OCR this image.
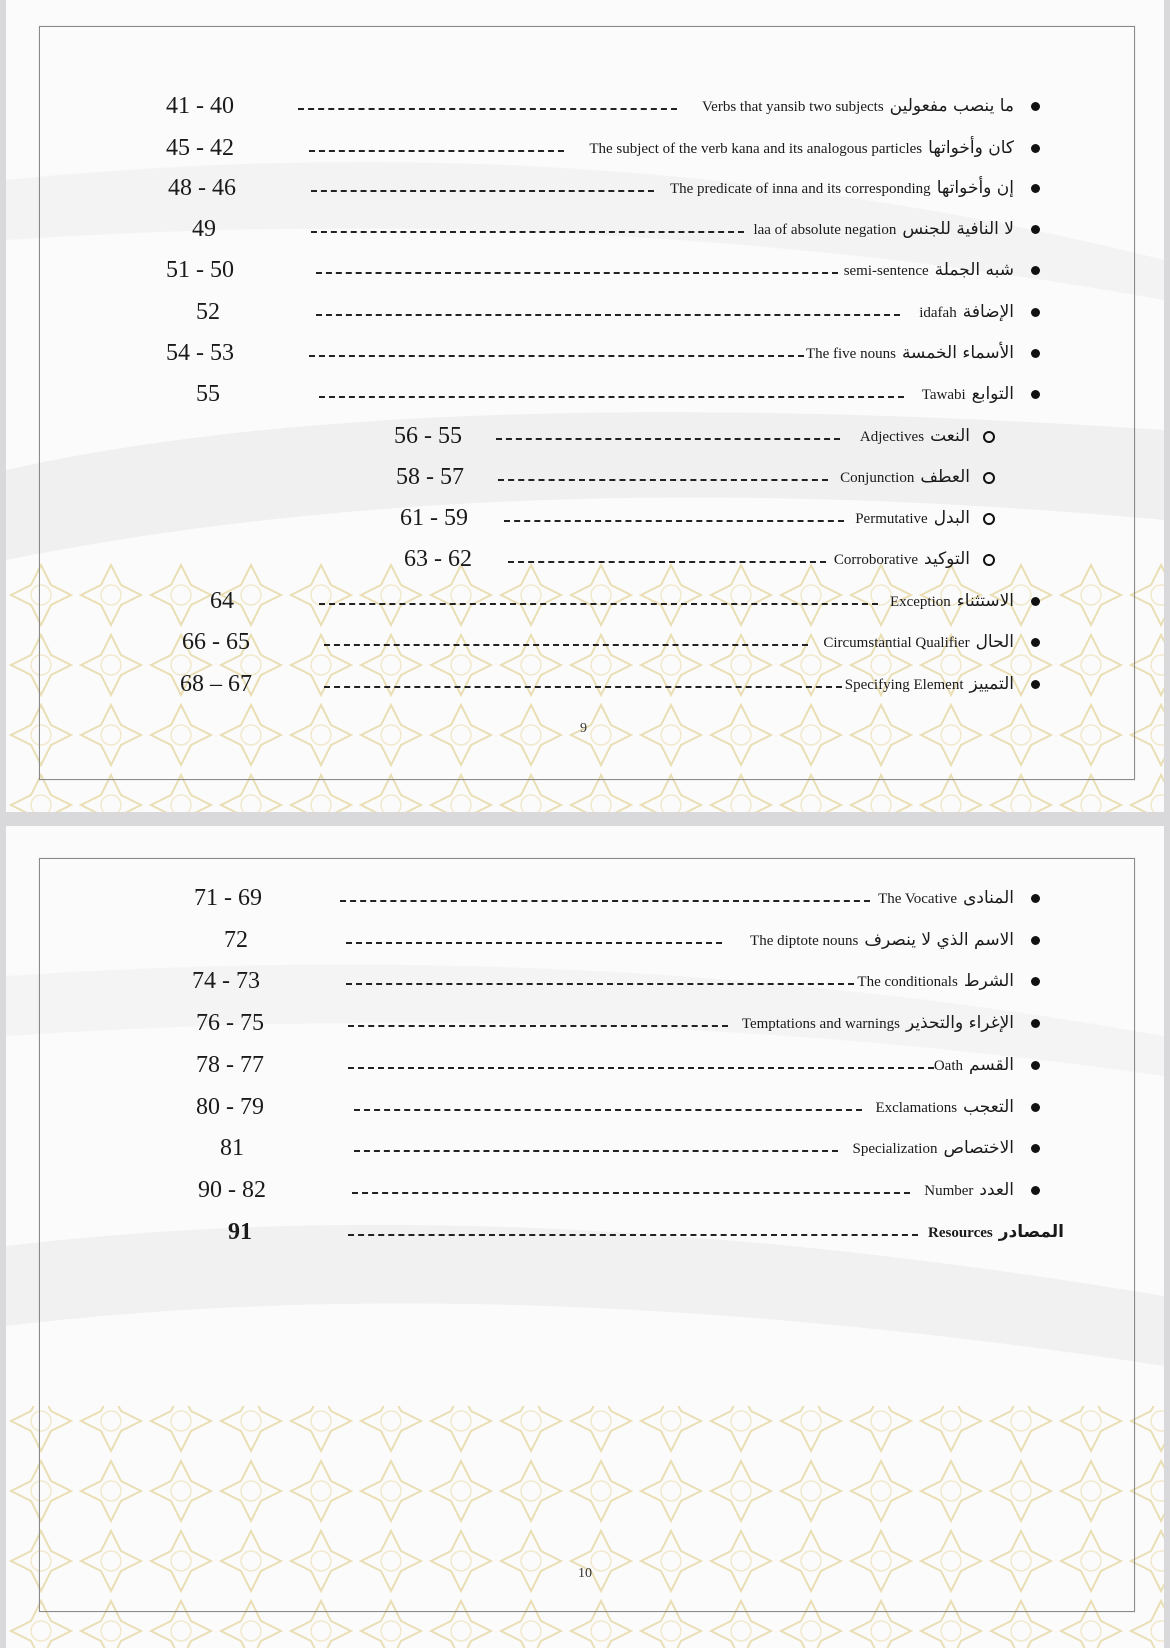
41 - 40	Verbs that yansib two subjects ما ينصب مفعولين
45 - 42	The subject of the verb kana and its analogous particles كان وأخواتها
48 - 46	The predicate of inna and its corresponding إن وأخواتها
49	laa of absolute negation لا النافية للجنس
51 - 50	semi-sentence شبه الجملة
52	idafah الإضافة
54 - 53	The five nouns الأسماء الخمسة
55	Tawabi التوابع
56 - 55	Adjectives النعت
58 - 57	Conjunction العطف
61 - 59	Permutative البدل
63 - 62	Corroborative التوكيد
64	Exception الاستثناء
66 - 65	Circumstantial Qualifier الحال
68 – 67	Specifying Element التمييز
9
71 - 69	The Vocative المنادى
72	The diptote nouns الاسم الذي لا ينصرف
74 - 73	The conditionals الشرط
76 - 75	Temptations and warnings الإغراء والتحذير
78 - 77	Oath القسم
80 - 79	Exclamations التعجب
81	Specialization الاختصاص
90 - 82	Number العدد
91	Resources المصادر
10
